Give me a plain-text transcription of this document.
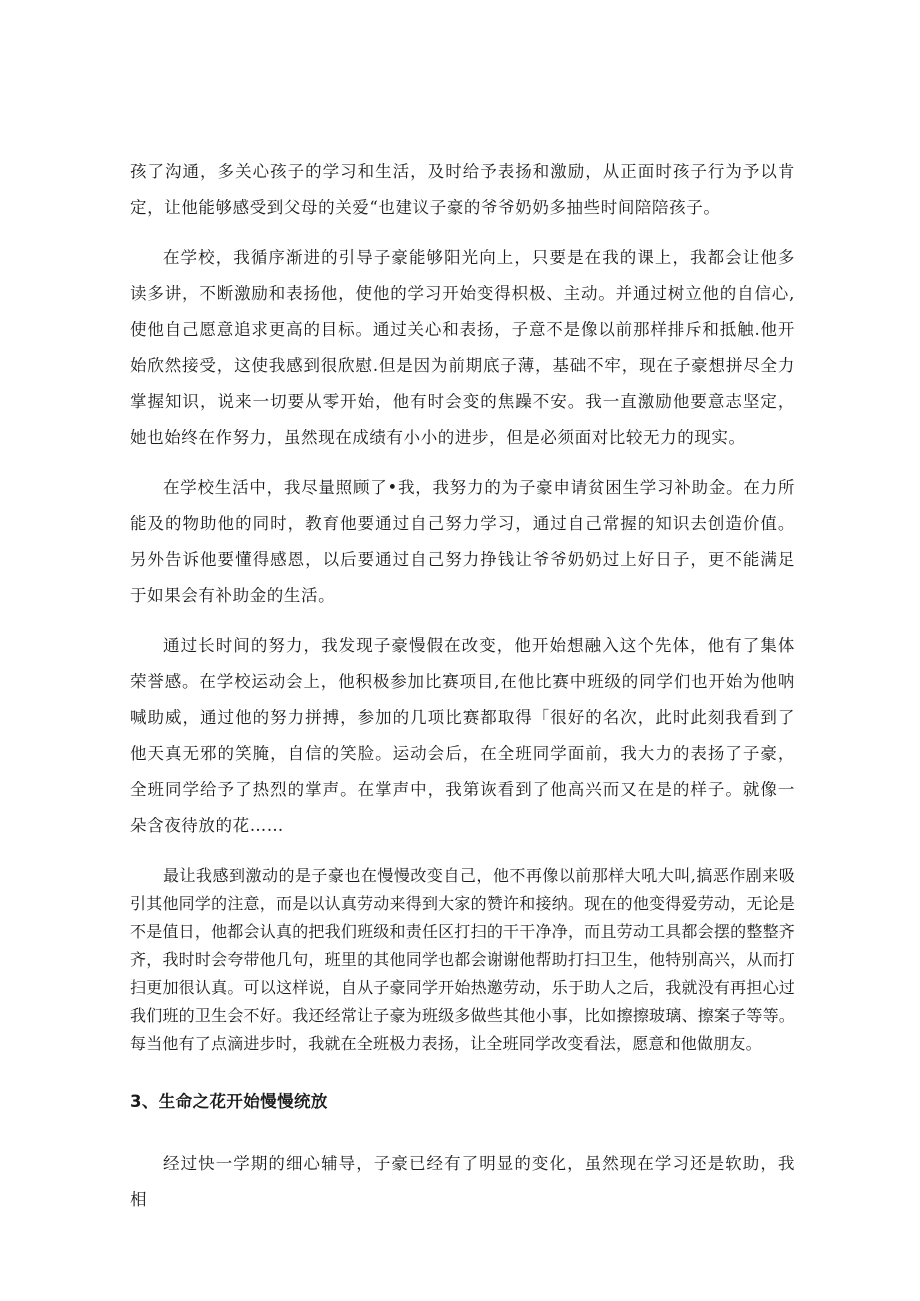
孩了沟通，多关心孩子的学习和生活，及时给予表扬和激励，从正面时孩子行为予以肯定，让他能够感受到父母的关爱“也建议子豪的爷爷奶奶多抽些时间陪陪孩子。

在学校，我循序渐进的引导子豪能够阳光向上，只要是在我的课上，我都会让他多读多讲，不断激励和表扬他，使他的学习开始变得枳极、主动。并通过树立他的自信心,使他自己愿意追求更高的目标。通过关心和表扬，子意不是像以前那样排斥和抵触.他开始欣然接受，这使我感到很欣慰.但是因为前期底子薄，基础不牢，现在子豪想拼尽全力掌握知识，说来一切要从零开始，他有时会变的焦躁不安。我一直激励他要意志坚定，她也始终在作努力，虽然现在成绩有小小的进步，但是必须面对比较无力的现实。

在学校生活中，我尽量照顾了•我，我努力的为子豪申请贫困生学习补助金。在力所能及的物助他的同时，教育他要通过自己努力学习，通过自己常握的知识去创造价值。另外告诉他要懂得感恩，以后要通过自己努力挣钱让爷爷奶奶过上好日子，更不能满足于如果会有补助金的生活。

通过长时间的努力，我发现子豪慢假在改变，他开始想融入这个先体，他有了集体荣誉感。在学校运动会上，他积极参加比赛项目,在他比赛中班级的同学们也开始为他呐喊助威，通过他的努力拼搏，参加的几项比赛都取得「很好的名次，此时此刻我看到了他天真无邪的笑腌，自信的笑脸。运动会后，在全班同学面前，我大力的表扬了子豪，全班同学给予了热烈的掌声。在掌声中，我第诙看到了他高兴而又在是的样子。就像一朵含夜待放的花……

最让我感到激动的是子豪也在慢慢改变自己，他不再像以前那样大吼大叫,搞恶作剧来吸引其他同学的注意，而是以认真劳动来得到大家的赞许和接纳。现在的他变得爱劳动，无论是不是值日，他都会认真的把我们班级和责任区打扫的干干净净，而且劳动工具都会摆的整整齐齐，我时时会夸带他几句，班里的其他同学也都会谢谢他帮助打扫卫生，他特别高兴，从而打扫更加很认真。可以这样说，自从子豪同学开始热邀劳动，乐于助人之后，我就没有再担心过我们班的卫生会不好。我还经常让子豪为班级多做些其他小事，比如擦擦玻璃、擦案子等等。每当他有了点滴进步时，我就在全班极力表扬，让全班同学改变看法，愿意和他做朋友。

3、生命之花开始慢慢统放

经过快一学期的细心辅导，子豪已经有了明显的变化，虽然现在学习还是软助，我相
